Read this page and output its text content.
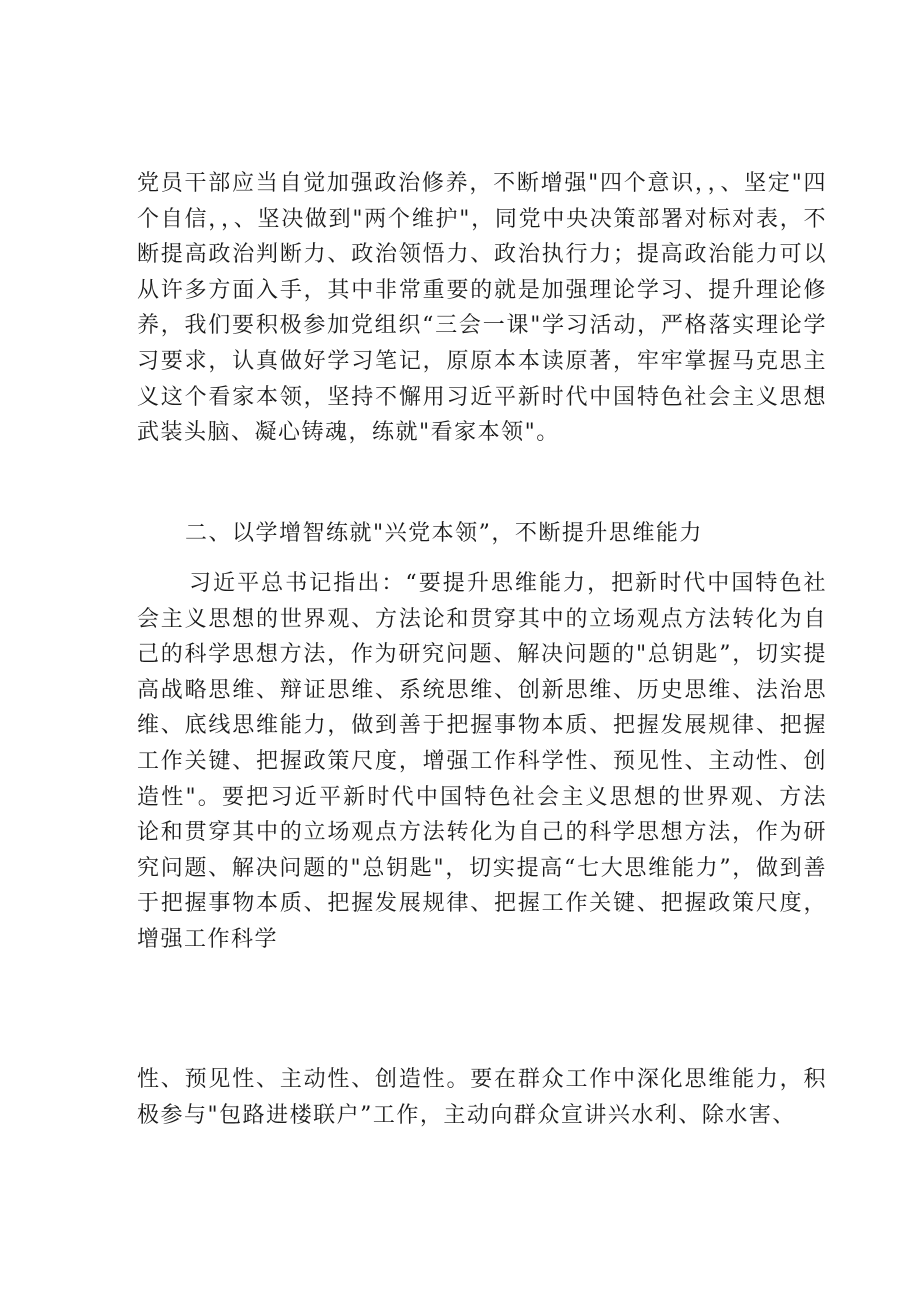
党员干部应当自觉加强政治修养，不断增强"四个意识，，、坚定"四个自信，，、坚决做到"两个维护"，同党中央决策部署对标对表，不断提高政治判断力、政治领悟力、政治执行力；提高政治能力可以从许多方面入手，其中非常重要的就是加强理论学习、提升理论修养，我们要积极参加党组织“三会一课"学习活动，严格落实理论学习要求，认真做好学习笔记，原原本本读原著，牢牢掌握马克思主义这个看家本领，坚持不懈用习近平新时代中国特色社会主义思想武装头脑、凝心铸魂，练就"看家本领"。

二、以学增智练就"兴党本领”，不断提升思维能力

习近平总书记指出：“要提升思维能力，把新时代中国特色社会主义思想的世界观、方法论和贯穿其中的立场观点方法转化为自己的科学思想方法，作为研究问题、解决问题的"总钥匙”，切实提高战略思维、辩证思维、系统思维、创新思维、历史思维、法治思维、底线思维能力，做到善于把握事物本质、把握发展规律、把握工作关键、把握政策尺度，增强工作科学性、预见性、主动性、创造性"。要把习近平新时代中国特色社会主义思想的世界观、方法论和贯穿其中的立场观点方法转化为自己的科学思想方法，作为研究问题、解决问题的"总钥匙"，切实提高“七大思维能力”，做到善于把握事物本质、把握发展规律、把握工作关键、把握政策尺度，增强工作科学

性、预见性、主动性、创造性。要在群众工作中深化思维能力，积极参与"包路进楼联户”工作，主动向群众宣讲兴水利、除水害、
